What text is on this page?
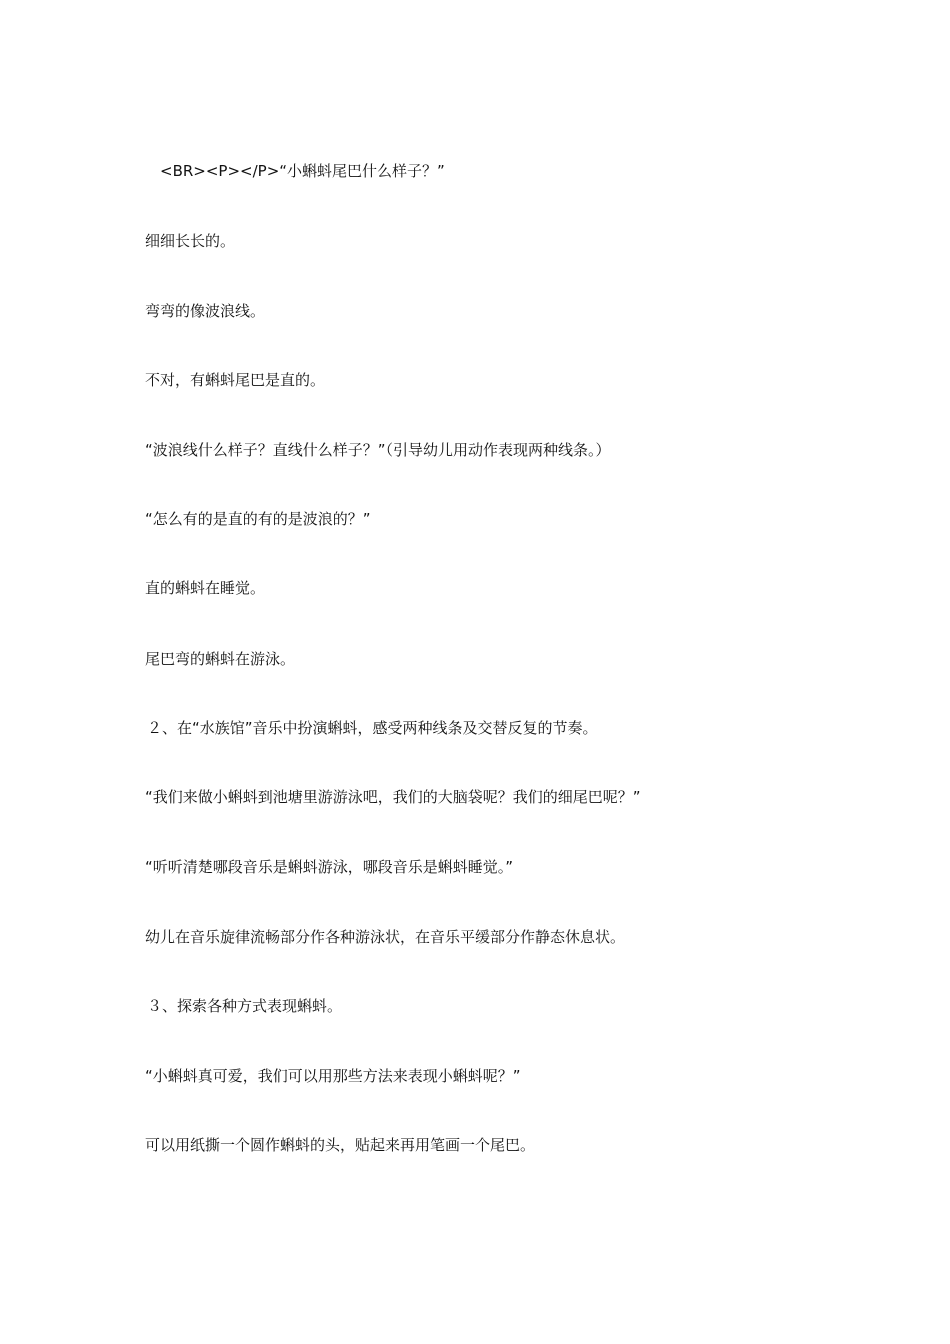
<BR><P></P>“小蝌蚪尾巴什么样子？”
细细长长的。
弯弯的像波浪线。
不对，有蝌蚪尾巴是直的。
“波浪线什么样子？直线什么样子？”（引导幼儿用动作表现两种线条。）
“怎么有的是直的有的是波浪的？”
直的蝌蚪在睡觉。
尾巴弯的蝌蚪在游泳。
２、在“水族馆”音乐中扮演蝌蚪，感受两种线条及交替反复的节奏。
“我们来做小蝌蚪到池塘里游游泳吧，我们的大脑袋呢？我们的细尾巴呢？”
“听听清楚哪段音乐是蝌蚪游泳，哪段音乐是蝌蚪睡觉。”
幼儿在音乐旋律流畅部分作各种游泳状，在音乐平缓部分作静态休息状。
３、探索各种方式表现蝌蚪。
“小蝌蚪真可爱，我们可以用那些方法来表现小蝌蚪呢？”
可以用纸撕一个圆作蝌蚪的头，贴起来再用笔画一个尾巴。
